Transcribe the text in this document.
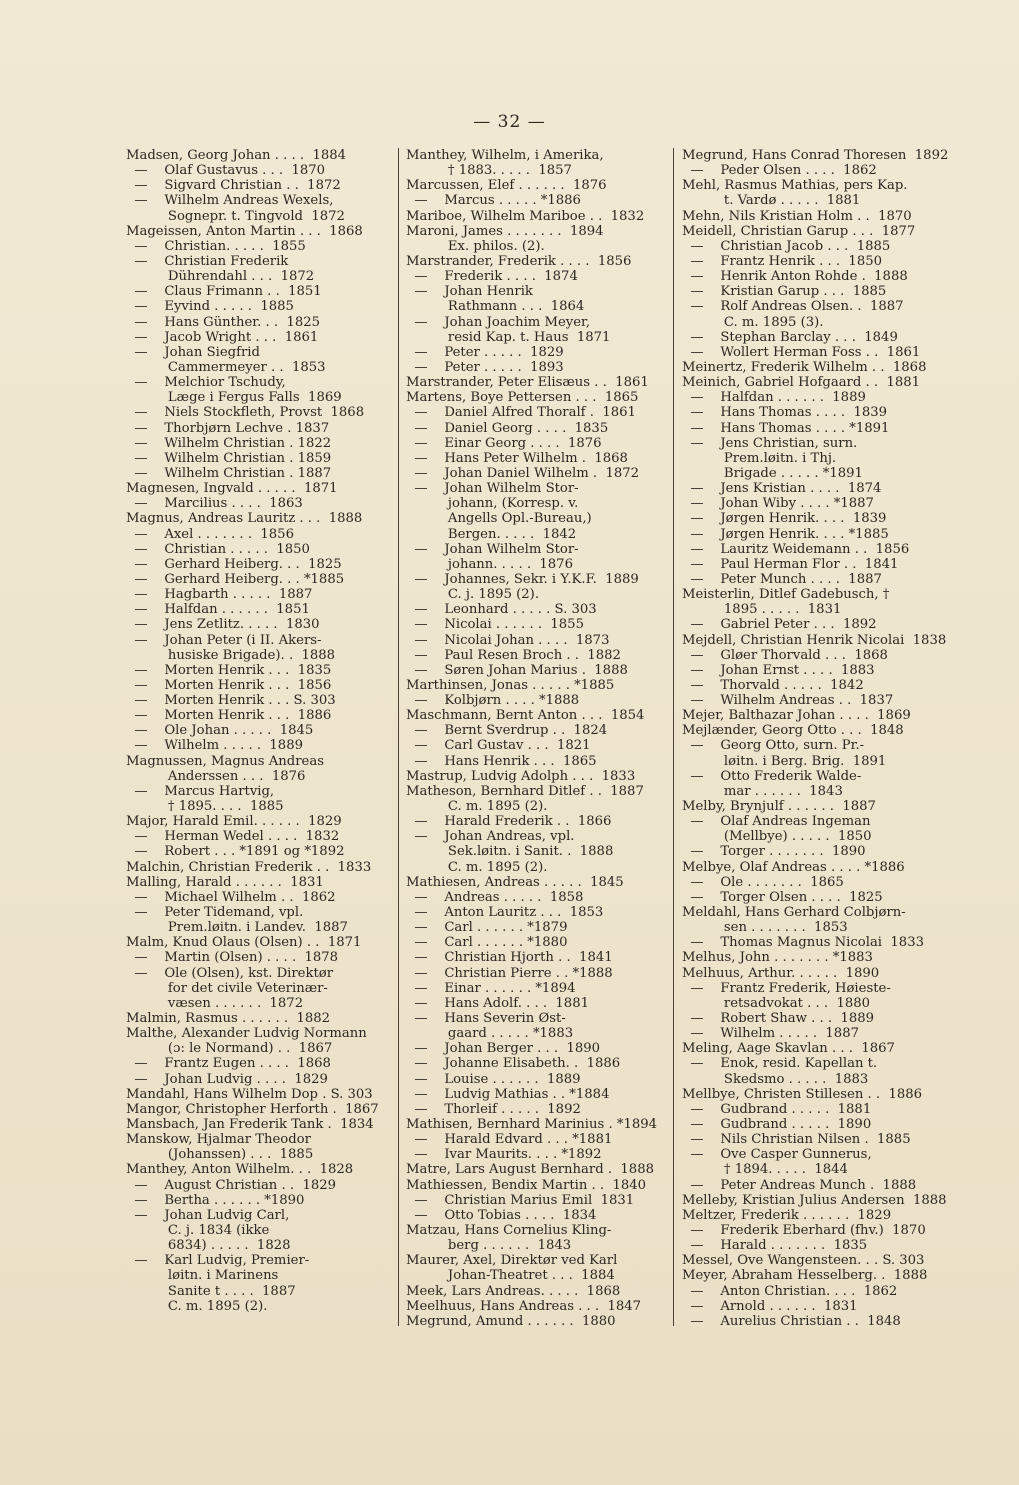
— 32 —
Madsen, Georg Johan . . . .  1884
—    Olaf Gustavus . . .  1870
—    Sigvard Christian . .  1872
—    Wilhelm Andreas Wexels,
Sognepr. t. Tingvold  1872
Mageissen, Anton Martin . . .  1868
—    Christian. . . . .  1855
—    Christian Frederik
Dührendahl . . .  1872
—    Claus Frimann . .  1851
—    Eyvind . . . . .  1885
—    Hans Günther. . .  1825
—    Jacob Wright . . .  1861
—    Johan Siegfrid
Cammermeyer . .  1853
—    Melchior Tschudy,
Læge i Fergus Falls  1869
—    Niels Stockfleth, Provst  1868
—    Thorbjørn Lechve . 1837
—    Wilhelm Christian . 1822
—    Wilhelm Christian . 1859
—    Wilhelm Christian . 1887
Magnesen, Ingvald . . . . .  1871
—    Marcilius . . . .  1863
Magnus, Andreas Lauritz . . .  1888
—    Axel . . . . . . .  1856
—    Christian . . . . .  1850
—    Gerhard Heiberg. . .  1825
—    Gerhard Heiberg. . . *1885
—    Hagbarth . . . . .  1887
—    Halfdan . . . . . .  1851
—    Jens Zetlitz. . . . .  1830
—    Johan Peter (i II. Akers-
husiske Brigade). .  1888
—    Morten Henrik . . .  1835
—    Morten Henrik . . .  1856
—    Morten Henrik . . . S. 303
—    Morten Henrik . . .  1886
—    Ole Johan . . . . .  1845
—    Wilhelm . . . . .  1889
Magnussen, Magnus Andreas
Anderssen . . .  1876
—    Marcus Hartvig,
† 1895. . . .  1885
Major, Harald Emil. . . . . .  1829
—    Herman Wedel . . . .  1832
—    Robert . . . *1891 og *1892
Malchin, Christian Frederik . .  1833
Malling, Harald . . . . . .  1831
—    Michael Wilhelm . .  1862
—    Peter Tidemand, vpl.
Prem.løitn. i Landev.  1887
Malm, Knud Olaus (Olsen) . .  1871
—    Martin (Olsen) . . . .  1878
—    Ole (Olsen), kst. Direktør
for det civile Veterinær-
væsen . . . . . .  1872
Malmin, Rasmus . . . . . .  1882
Malthe, Alexander Ludvig Normann
(ɔ: le Normand) . .  1867
—    Frantz Eugen . . . .  1868
—    Johan Ludvig . . . .  1829
Mandahl, Hans Wilhelm Dop . S. 303
Mangor, Christopher Herforth .  1867
Mansbach, Jan Frederik Tank .  1834
Manskow, Hjalmar Theodor
(Johanssen) . . .  1885
Manthey, Anton Wilhelm. . .  1828
—    August Christian . .  1829
—    Bertha . . . . . . *1890
—    Johan Ludvig Carl,
C. j. 1834 (ikke
6834) . . . . .  1828
—    Karl Ludvig, Premier-
løitn. i Marinens
Sanite t . . . .  1887
C. m. 1895 (2).
Manthey, Wilhelm, i Amerika,
† 1883. . . . .  1857
Marcussen, Elef . . . . . .  1876
—    Marcus . . . . . *1886
Mariboe, Wilhelm Mariboe . .  1832
Maroni, James . . . . . . .  1894
Ex. philos. (2).
Marstrander, Frederik . . . .  1856
—    Frederik . . . .  1874
—    Johan Henrik
Rathmann . . .  1864
—    Johan Joachim Meyer,
resid Kap. t. Haus  1871
—    Peter . . . . .  1829
—    Peter . . . . .  1893
Marstrander, Peter Elisæus . .  1861
Martens, Boye Pettersen . . .  1865
—    Daniel Alfred Thoralf .  1861
—    Daniel Georg . . . .  1835
—    Einar Georg . . . .  1876
—    Hans Peter Wilhelm .  1868
—    Johan Daniel Wilhelm .  1872
—    Johan Wilhelm Stor-
johann, (Korresp. v.
Angells Opl.-Bureau,)
Bergen. . . . .  1842
—    Johan Wilhelm Stor-
johann. . . . .  1876
—    Johannes, Sekr. i Y.K.F.  1889
C. j. 1895 (2).
—    Leonhard . . . . . S. 303
—    Nicolai . . . . . .  1855
—    Nicolai Johan . . . .  1873
—    Paul Resen Broch . .  1882
—    Søren Johan Marius .  1888
Marthinsen, Jonas . . . . . *1885
—    Kolbjørn . . . . *1888
Maschmann, Bernt Anton . . .  1854
—    Bernt Sverdrup . .  1824
—    Carl Gustav . . .  1821
—    Hans Henrik . . .  1865
Mastrup, Ludvig Adolph . . .  1833
Matheson, Bernhard Ditlef . .  1887
C. m. 1895 (2).
—    Harald Frederik . .  1866
—    Johan Andreas, vpl.
Sek.løitn. i Sanit. .  1888
C. m. 1895 (2).
Mathiesen, Andreas . . . . .  1845
—    Andreas . . . . .  1858
—    Anton Lauritz . . .  1853
—    Carl . . . . . . *1879
—    Carl . . . . . . *1880
—    Christian Hjorth . .  1841
—    Christian Pierre . . *1888
—    Einar . . . . . . *1894
—    Hans Adolf. . . .  1881
—    Hans Severin Øst-
gaard . . . . . *1883
—    Johan Berger . . .  1890
—    Johanne Elisabeth. .  1886
—    Louise . . . . . .  1889
—    Ludvig Mathias . . *1884
—    Thorleif . . . . .  1892
Mathisen, Bernhard Marinius . *1894
—    Harald Edvard . . . *1881
—    Ivar Maurits. . . . *1892
Matre, Lars August Bernhard .  1888
Mathiessen, Bendix Martin . .  1840
—    Christian Marius Emil  1831
—    Otto Tobias . . . .  1834
Matzau, Hans Cornelius Kling-
berg . . . . . .  1843
Maurer, Axel, Direktør ved Karl
Johan-Theatret . . .  1884
Meek, Lars Andreas. . . . .  1868
Meelhuus, Hans Andreas . . .  1847
Megrund, Amund . . . . . .  1880
Megrund, Hans Conrad Thoresen  1892
—    Peder Olsen . . . .  1862
Mehl, Rasmus Mathias, pers Kap.
t. Vardø . . . . .  1881
Mehn, Nils Kristian Holm . .  1870
Meidell, Christian Garup . . .  1877
—    Christian Jacob . . .  1885
—    Frantz Henrik . . .  1850
—    Henrik Anton Rohde .  1888
—    Kristian Garup . . .  1885
—    Rolf Andreas Olsen. .  1887
C. m. 1895 (3).
—    Stephan Barclay . . .  1849
—    Wollert Herman Foss . .  1861
Meinertz, Frederik Wilhelm . .  1868
Meinich, Gabriel Hofgaard . .  1881
—    Halfdan . . . . . .  1889
—    Hans Thomas . . . .  1839
—    Hans Thomas . . . . *1891
—    Jens Christian, surn.
Prem.løitn. i Thj.
Brigade . . . . . *1891
—    Jens Kristian . . . .  1874
—    Johan Wiby . . . . *1887
—    Jørgen Henrik. . . .  1839
—    Jørgen Henrik. . . . *1885
—    Lauritz Weidemann . .  1856
—    Paul Herman Flor . .  1841
—    Peter Munch . . . .  1887
Meisterlin, Ditlef Gadebusch, †
1895 . . . . .  1831
—    Gabriel Peter . . .  1892
Mejdell, Christian Henrik Nicolai  1838
—    Gløer Thorvald . . .  1868
—    Johan Ernst . . . .  1883
—    Thorvald . . . . .  1842
—    Wilhelm Andreas . .  1837
Mejer, Balthazar Johan . . . .  1869
Mejlænder, Georg Otto . . .  1848
—    Georg Otto, surn. Pr.-
løitn. i Berg. Brig.  1891
—    Otto Frederik Walde-
mar . . . . . .  1843
Melby, Brynjulf . . . . . .  1887
—    Olaf Andreas Ingeman
(Mellbye) . . . . .  1850
—    Torger . . . . . . .  1890
Melbye, Olaf Andreas . . . . *1886
—    Ole . . . . . . .  1865
—    Torger Olsen . . . .  1825
Meldahl, Hans Gerhard Colbjørn-
sen . . . . . . .  1853
—    Thomas Magnus Nicolai  1833
Melhus, John . . . . . . . *1883
Melhuus, Arthur. . . . . .  1890
—    Frantz Frederik, Høieste-
retsadvokat . . .  1880
—    Robert Shaw . . .  1889
—    Wilhelm . . . . .  1887
Meling, Aage Skavlan . . .  1867
—    Enok, resid. Kapellan t.
Skedsmo . . . . .  1883
Mellbye, Christen Stillesen . .  1886
—    Gudbrand . . . . .  1881
—    Gudbrand . . . . .  1890
—    Nils Christian Nilsen .  1885
—    Ove Casper Gunnerus,
† 1894. . . . .  1844
—    Peter Andreas Munch .  1888
Melleby, Kristian Julius Andersen  1888
Meltzer, Frederik . . . . . .  1829
—    Frederik Eberhard (fhv.)  1870
—    Harald . . . . . . .  1835
Messel, Ove Wangensteen. . . S. 303
Meyer, Abraham Hesselberg. .  1888
—    Anton Christian. . . .  1862
—    Arnold . . . . . .  1831
—    Aurelius Christian . .  1848
